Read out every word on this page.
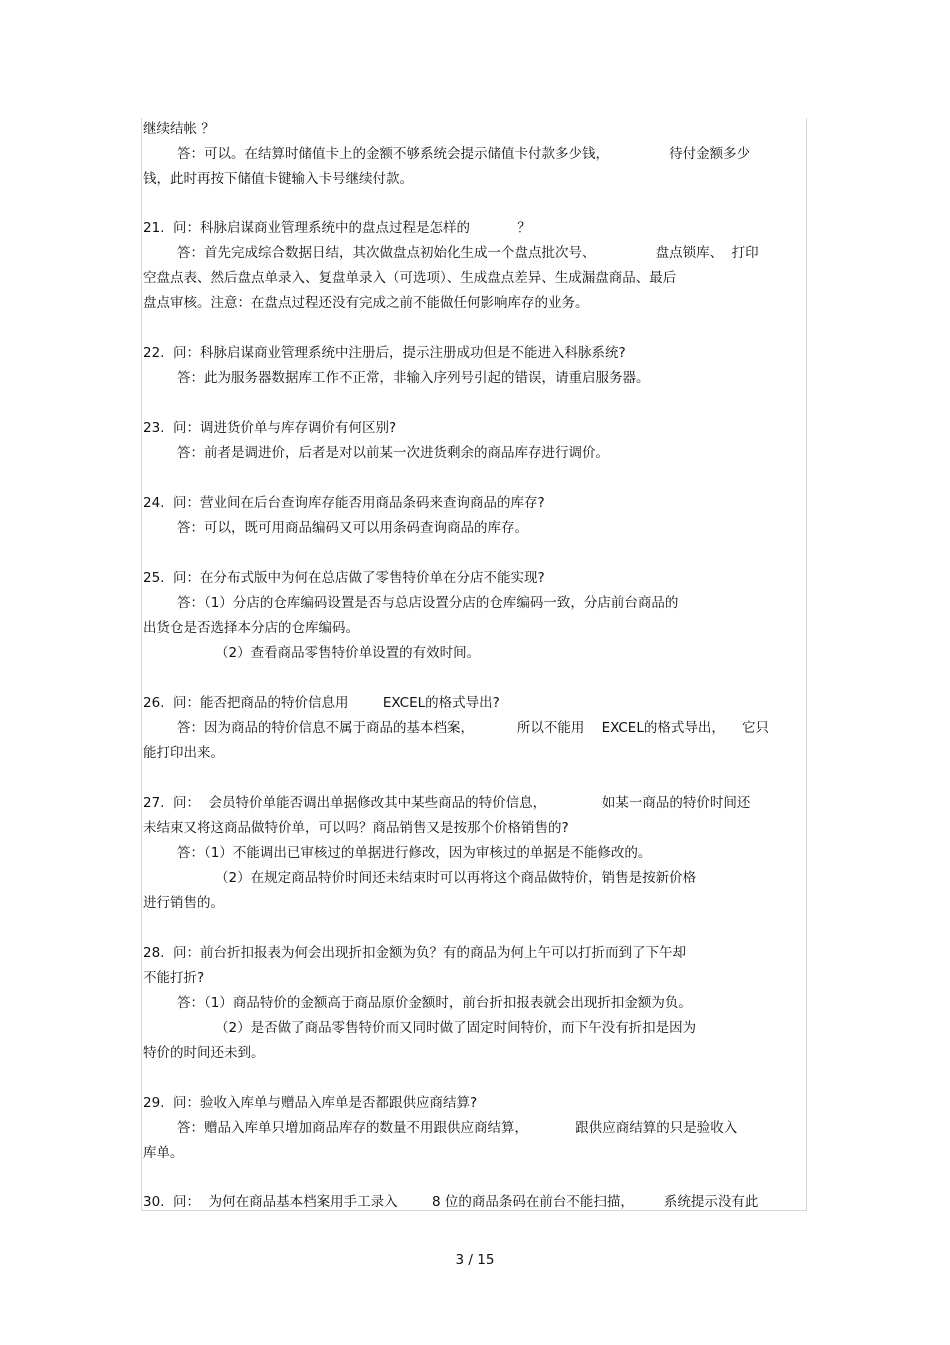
继续结帐 ？
答：可以。在结算时储值卡上的金额不够系统会提示储值卡付款多少钱，              待付金额多少
钱，此时再按下储值卡键输入卡号继续付款。
21.  问：科脉启谋商业管理系统中的盘点过程是怎样的           ？
答：首先完成综合数据日结，其次做盘点初始化生成一个盘点批次号、              盘点锁库、  打印
空盘点表、然后盘点单录入、复盘单录入（可选项）、生成盘点差异、生成漏盘商品、最后
盘点审核。注意：在盘点过程还没有完成之前不能做任何影响库存的业务。
22.  问：科脉启谋商业管理系统中注册后，提示注册成功但是不能进入科脉系统?
答：此为服务器数据库工作不正常，非输入序列号引起的错误，请重启服务器。
23.  问：调进货价单与库存调价有何区别?
答：前者是调进价，后者是对以前某一次进货剩余的商品库存进行调价。
24.  问：营业间在后台查询库存能否用商品条码来查询商品的库存?
答：可以，既可用商品编码又可以用条码查询商品的库存。
25.  问：在分布式版中为何在总店做了零售特价单在分店不能实现?
答：（1）分店的仓库编码设置是否与总店设置分店的仓库编码一致，分店前台商品的
出货仓是否选择本分店的仓库编码。
（2）查看商品零售特价单设置的有效时间。
26.  问：能否把商品的特价信息用        EXCEL的格式导出?
答：因为商品的特价信息不属于商品的基本档案，          所以不能用    EXCEL的格式导出，    它只
能打印出来。
27.  问：  会员特价单能否调出单据修改其中某些商品的特价信息，             如某一商品的特价时间还
未结束又将这商品做特价单，可以吗？商品销售又是按那个价格销售的?
答：（1）不能调出已审核过的单据进行修改，因为审核过的单据是不能修改的。
（2）在规定商品特价时间还未结束时可以再将这个商品做特价，销售是按新价格
进行销售的。
28.  问：前台折扣报表为何会出现折扣金额为负？有的商品为何上午可以打折而到了下午却
不能打折?
答：（1）商品特价的金额高于商品原价金额时，前台折扣报表就会出现折扣金额为负。
（2）是否做了商品零售特价而又同时做了固定时间特价，而下午没有折扣是因为
特价的时间还未到。
29.  问：验收入库单与赠品入库单是否都跟供应商结算?
答：赠品入库单只增加商品库存的数量不用跟供应商结算，           跟供应商结算的只是验收入
库单。
30.  问：  为何在商品基本档案用手工录入        8 位的商品条码在前台不能扫描，       系统提示没有此
3 / 15
